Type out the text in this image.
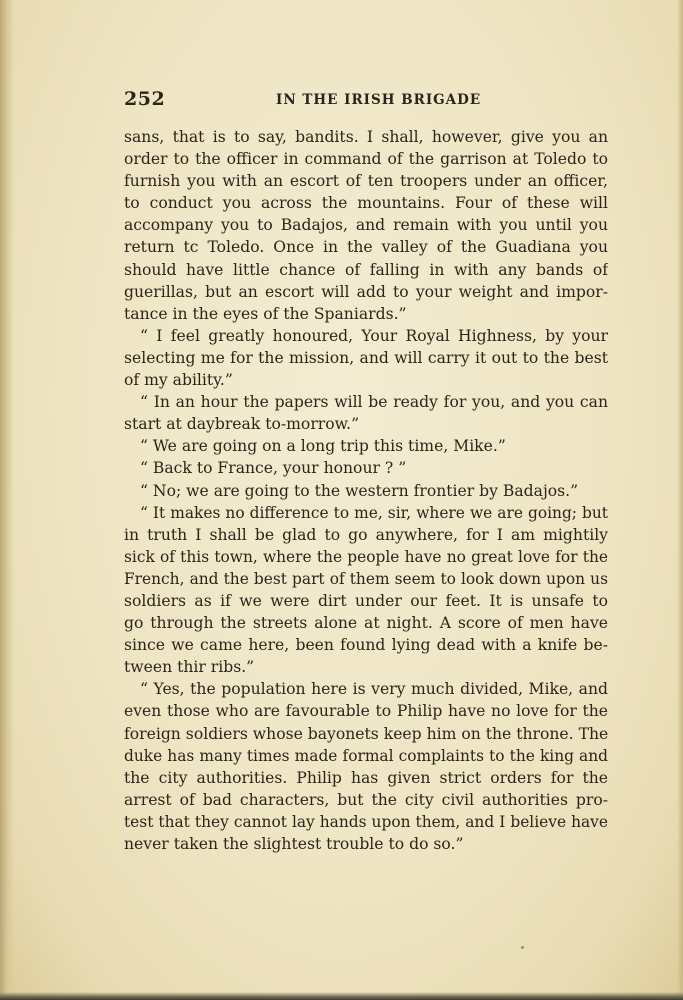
252	IN THE IRISH BRIGADE
sans, that is to say, bandits. I shall, however, give you an
order to the officer in command of the garrison at Toledo to
furnish you with an escort of ten troopers under an officer,
to conduct you across the mountains. Four of these will
accompany you to Badajos, and remain with you until you
return tc Toledo. Once in the valley of the Guadiana you
should have little chance of falling in with any bands of
guerillas, but an escort will add to your weight and impor-
tance in the eyes of the Spaniards.”
“ I feel greatly honoured, Your Royal Highness, by your
selecting me for the mission, and will carry it out to the best
of my ability.”
“ In an hour the papers will be ready for you, and you can
start at daybreak to-morrow.”
“ We are going on a long trip this time, Mike.”
“ Back to France, your honour ? ”
“ No; we are going to the western frontier by Badajos.”
“ It makes no difference to me, sir, where we are going; but
in truth I shall be glad to go anywhere, for I am mightily
sick of this town, where the people have no great love for the
French, and the best part of them seem to look down upon us
soldiers as if we were dirt under our feet. It is unsafe to
go through the streets alone at night. A score of men have
since we came here, been found lying dead with a knife be-
tween thir ribs.”
“ Yes, the population here is very much divided, Mike, and
even those who are favourable to Philip have no love for the
foreign soldiers whose bayonets keep him on the throne. The
duke has many times made formal complaints to the king and
the city authorities. Philip has given strict orders for the
arrest of bad characters, but the city civil authorities pro-
test that they cannot lay hands upon them, and I believe have
never taken the slightest trouble to do so.”
